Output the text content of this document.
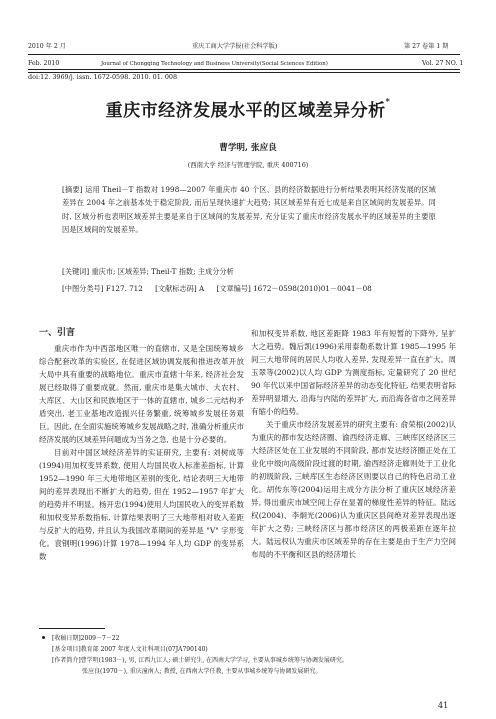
2010 年 2 月
Feb. 2010
重庆工商大学学报(社会科学版)
Journal of Chongqing Technology and Business University(Social Sciences Edition)
第 27 卷第 1 期
Vol. 27 NO. 1
doi:12. 3969/j. issn. 1672-0598. 2010. 01. 008
重庆市经济发展水平的区域差异分析*
曹学明, 张应良
(西南大学 经济与管理学院, 重庆 400716)
[摘要] 运用 Theil－T 指数对 1998—2007 年重庆市 40 个区、县的经济数据进行分析结果表明其经济发展的区域差异在 2004 年之前基本处于稳定阶段, 而后呈现快速扩大趋势; 其区域差异有近七成是来自区域间的发展差异。同时, 区域分析也表明区域差异主要是来自于区域间的发展差异, 充分证实了重庆市经济发展水平的区域差异的主要原因是区域间的发展差异。
[关键词] 重庆市; 区域差异; Theil-T 指数; 主成分分析
[中图分类号] F127. 712 [文献标志码] A [文章编号] 1672－0598(2010)01－0041－08
一、引言

重庆市作为中西部地区唯一的直辖市, 又是全国统筹城乡综合配套改革的实验区, 在促进区域协调发展和推进改革开放大局中具有重要的战略地位。重庆市直辖十年来, 经济社会发展已经取得了重要成就。然而, 重庆市是集大城市、大农村、大库区、大山区和民族地区于一体的直辖市, 城乡二元结构矛盾突出, 老工业基地改造振兴任务繁重, 统筹城乡发展任务艰巨。因此, 在全面实施统筹城乡发展战略之时, 准确分析重庆市经济发展的区域差异问题成为当务之急, 也是十分必要的。

目前对中国区域经济差异的实证研究, 主要有: 刘树成等(1994)用加权变异系数, 使用人均国民收入标准差指标, 计算 1952—1990 年三大地带地区差别的变化, 结论表明三大地带间的差异表现出不断扩大的趋势, 但在 1952—1957 年扩大的趋势并不明显。杨开忠(1994)使用人均国民收入的变异系数和加权变异系数指标, 计算结果表明了三大地带相对收入差距与反扩大的趋势, 并且认为我国改革期间的差异是 "V" 字形变化。袁钢明(1996)计算 1978—1994 年人均 GDP 的变异系数

和加权变异系数, 地区差距降 1983 年有短暂的下降外, 呈扩大之趋势。魏后凯(1996)采用泰勒系数计算 1985—1995 年间三大地带间的居民人均收入差异, 发现差异一直在扩大。周玉翠等(2002)以人均 GDP 为测度指标, 定量研究了 20 世纪 90 年代以来中国省际经济差异的动态变化特征, 结果表明省际差异明显增大, 沿海与内陆的差异扩大, 而沿海各省市之间差异有缩小的趋势。

关于重庆市经济发展差异的研究主要有: 俞荣根(2002)认为重庆的都市发达经济圈、渝西经济走廊、三峡库区经济区三大经济区处在工业发展的不同阶段, 都市发达经济圈正处在工业化中级向高级阶段过渡的时期, 渝西经济走廊则处于工业化的初级阶段, 三峡库区生态经济区则要以自己的特色启动工业化。胡传东等(2004)运用主成分方法分析了重庆区域经济差异, 得出重庆市域空间上存在显著的梯度性差异的特征。陆远权(2004)、李炯光(2006)认为重庆区县间绝对差异表现出逐年扩大之势; 三峡经济区与都市经济区的两极差距在逐年拉大。陆远权认为重庆市区域差异的存在主要是由于生产力空间布局的不平衡和区县的经济增长

[收稿日期]2009－7－22
[基金项目]教育部 2007 年度人文社科项目(07JA790140)
[作者简介]曹学明(1983－), 男, 江西九江人; 硕士研究生, 在西南大学学习, 主要从事城乡统筹与协调发展研究。
张应良(1970－), 重庆潼南人; 教授, 在西南大学任教, 主要从事城乡统筹与协调发展研究。
41
